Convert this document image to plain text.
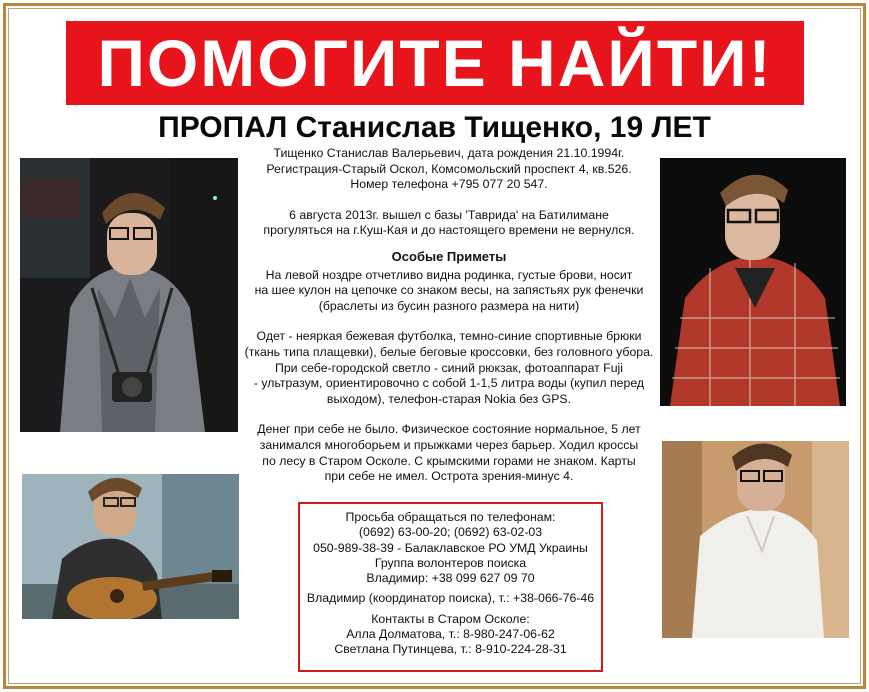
ПОМОГИТЕ НАЙТИ!
ПРОПАЛ Станислав Тищенко, 19 ЛЕТ

Тищенко Станислав Валерьевич, дата рождения 21.10.1994г.

Регистрация-Старый Оскол, Комсомольский проспект 4, кв.526.

Номер телефона +795 077 20 547.

6 августа 2013г. вышел с базы 'Таврида' на Батилимане

прогуляться на г.Куш-Кая и до настоящего времени не вернулся.

Особые Приметы

На левой ноздре отчетливо видна родинка, густые брови, носит

на шее кулон на цепочке со знаком весы, на запястьях рук фенечки

(браслеты из бусин разного размера на нити)

Одет - неяркая бежевая футболка, темно-синие спортивные брюки

(ткань типа плащевки), белые беговые кроссовки, без головного убора.

При себе-городской светло - синий рюкзак, фотоаппарат Fuji

- ультразум, ориентировочно с собой 1-1,5 литра воды (купил перед

выходом), телефон-старая Nokia без GPS.

Денег при себе не было. Физическое состояние нормальное, 5 лет

занимался многоборьем и прыжками через барьер. Ходил кроссы

по лесу в Старом Осколе. С крымскими горами не знаком. Карты

при себе не имел. Острота зрения-минус 4.

Просьба обращаться по телефонам:

(0692) 63-00-20; (0692) 63-02-03

050-989-38-39 - Балаклавское РО УМД Украины

Группа волонтеров поиска

Владимир: +38 099 627 09 70

Владимир (координатор поиска), т.: +38-066-76-46

Контакты в Старом Осколе:

Алла Долматова, т.: 8-980-247-06-62

Светлана Путинцева, т.: 8-910-224-28-31
